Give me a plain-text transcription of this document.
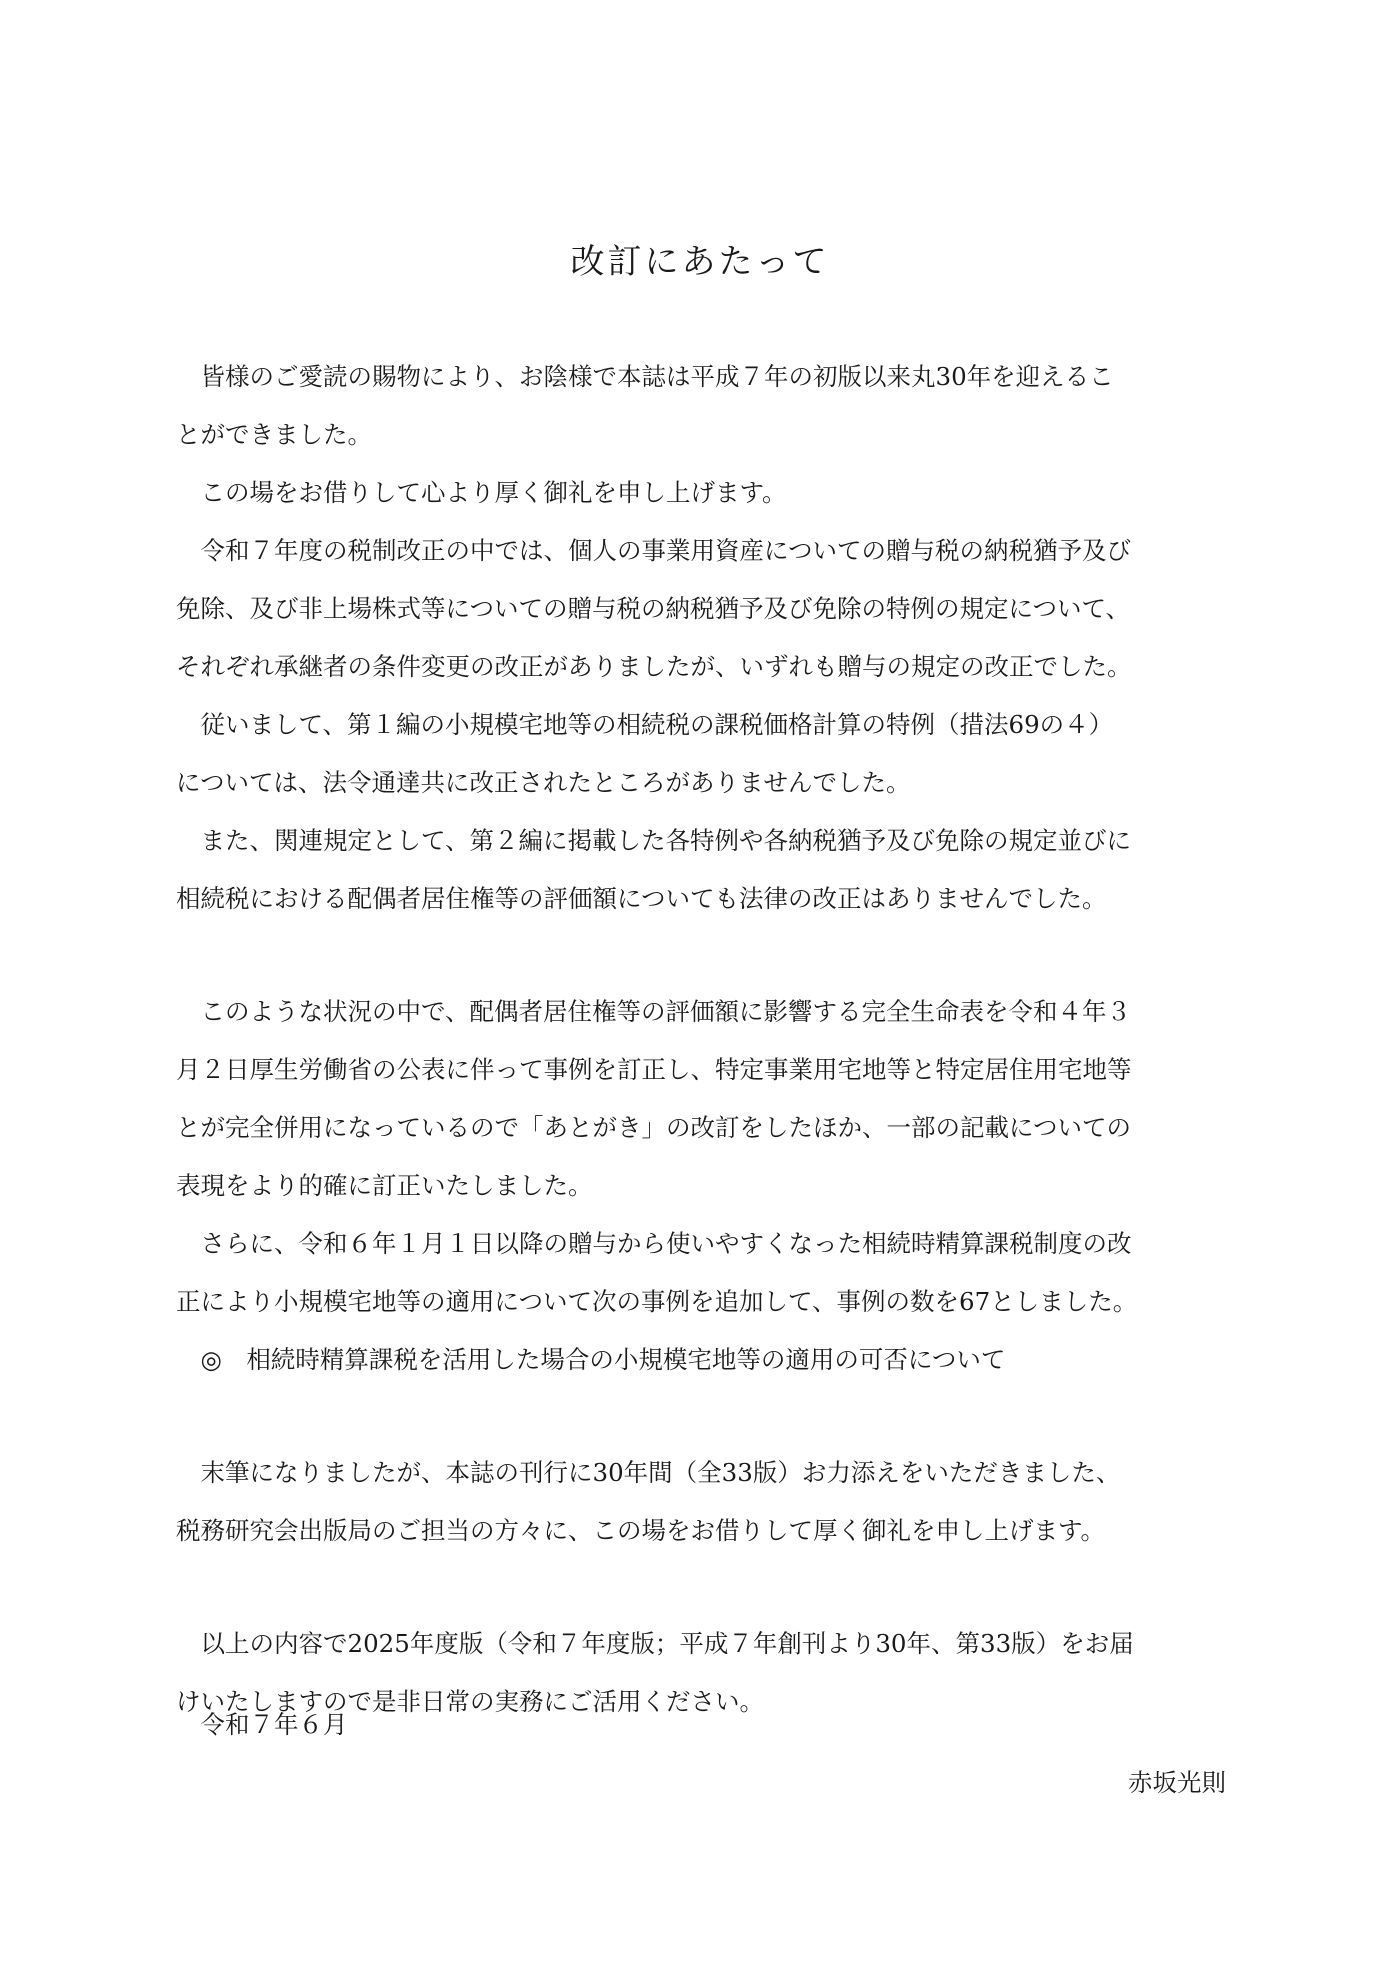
改訂にあたって
　皆様のご愛読の賜物により、お陰様で本誌は平成７年の初版以来丸30年を迎えるこ
とができました。
　この場をお借りして心より厚く御礼を申し上げます。
　令和７年度の税制改正の中では、個人の事業用資産についての贈与税の納税猶予及び
免除、及び非上場株式等についての贈与税の納税猶予及び免除の特例の規定について、
それぞれ承継者の条件変更の改正がありましたが、いずれも贈与の規定の改正でした。
　従いまして、第１編の小規模宅地等の相続税の課税価格計算の特例（措法69の４）
については、法令通達共に改正されたところがありませんでした。
　また、関連規定として、第２編に掲載した各特例や各納税猶予及び免除の規定並びに
相続税における配偶者居住権等の評価額についても法律の改正はありませんでした。
　このような状況の中で、配偶者居住権等の評価額に影響する完全生命表を令和４年３
月２日厚生労働省の公表に伴って事例を訂正し、特定事業用宅地等と特定居住用宅地等
とが完全併用になっているので「あとがき」の改訂をしたほか、一部の記載についての
表現をより的確に訂正いたしました。
　さらに、令和６年１月１日以降の贈与から使いやすくなった相続時精算課税制度の改
正により小規模宅地等の適用について次の事例を追加して、事例の数を67としました。
　◎　相続時精算課税を活用した場合の小規模宅地等の適用の可否について
　末筆になりましたが、本誌の刊行に30年間（全33版）お力添えをいただきました、
税務研究会出版局のご担当の方々に、この場をお借りして厚く御礼を申し上げます。
　以上の内容で2025年度版（令和７年度版；平成７年創刊より30年、第33版）をお届
けいたしますので是非日常の実務にご活用ください。
　令和７年６月
赤坂光則
